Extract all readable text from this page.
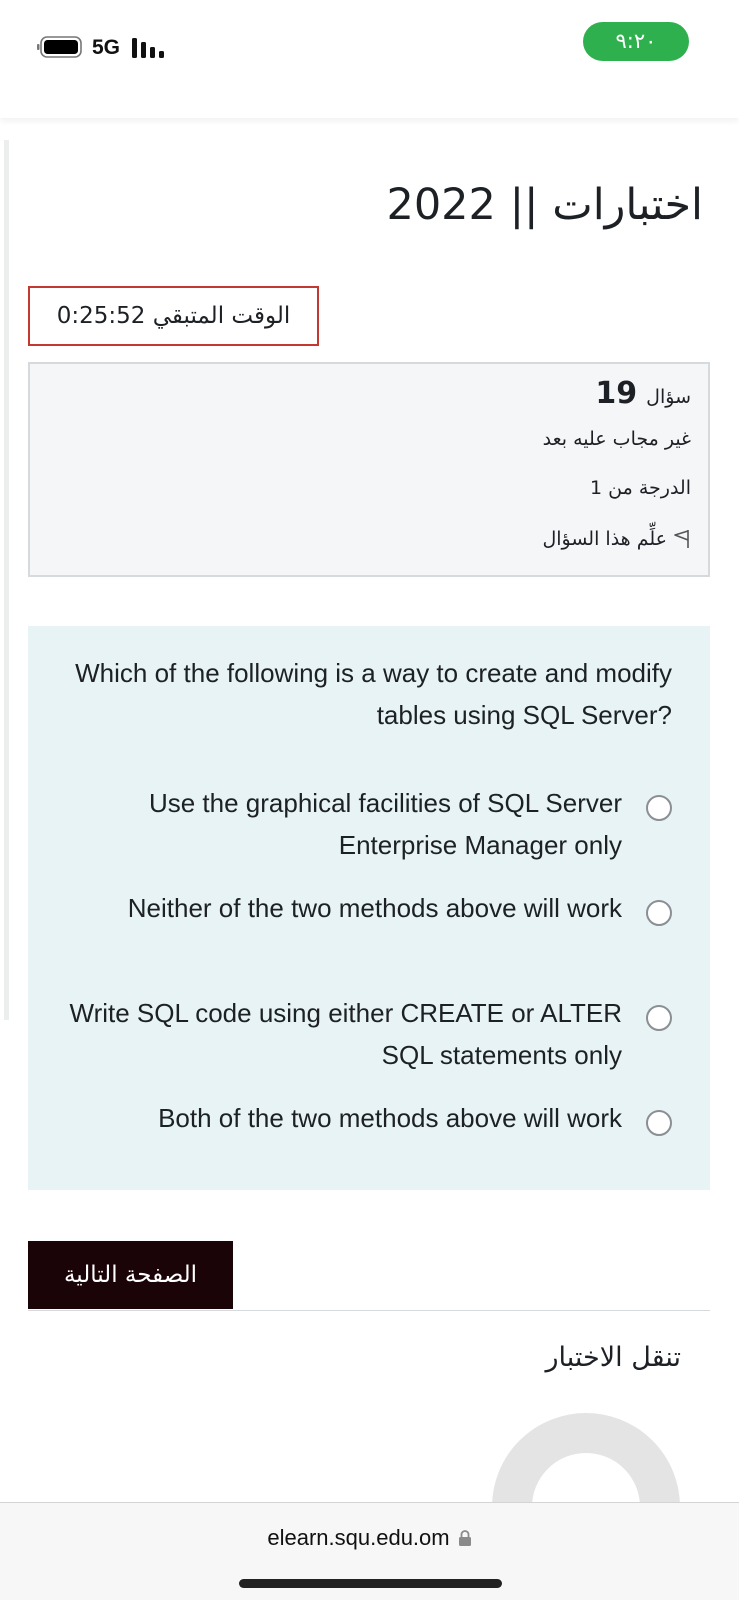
5G	٩:٢٠
اختبارات || 2022
الوقت المتبقي 0:25:52
سؤال 19
غير مجاب عليه بعد
الدرجة من 1
علِّم هذا السؤال
Which of the following is a way to create and modify tables using SQL Server?
Use the graphical facilities of SQL Server Enterprise Manager only
Neither of the two methods above will work
Write SQL code using either CREATE or ALTER SQL statements only
Both of the two methods above will work
الصفحة التالية
تنقل الاختبار
elearn.squ.edu.om
